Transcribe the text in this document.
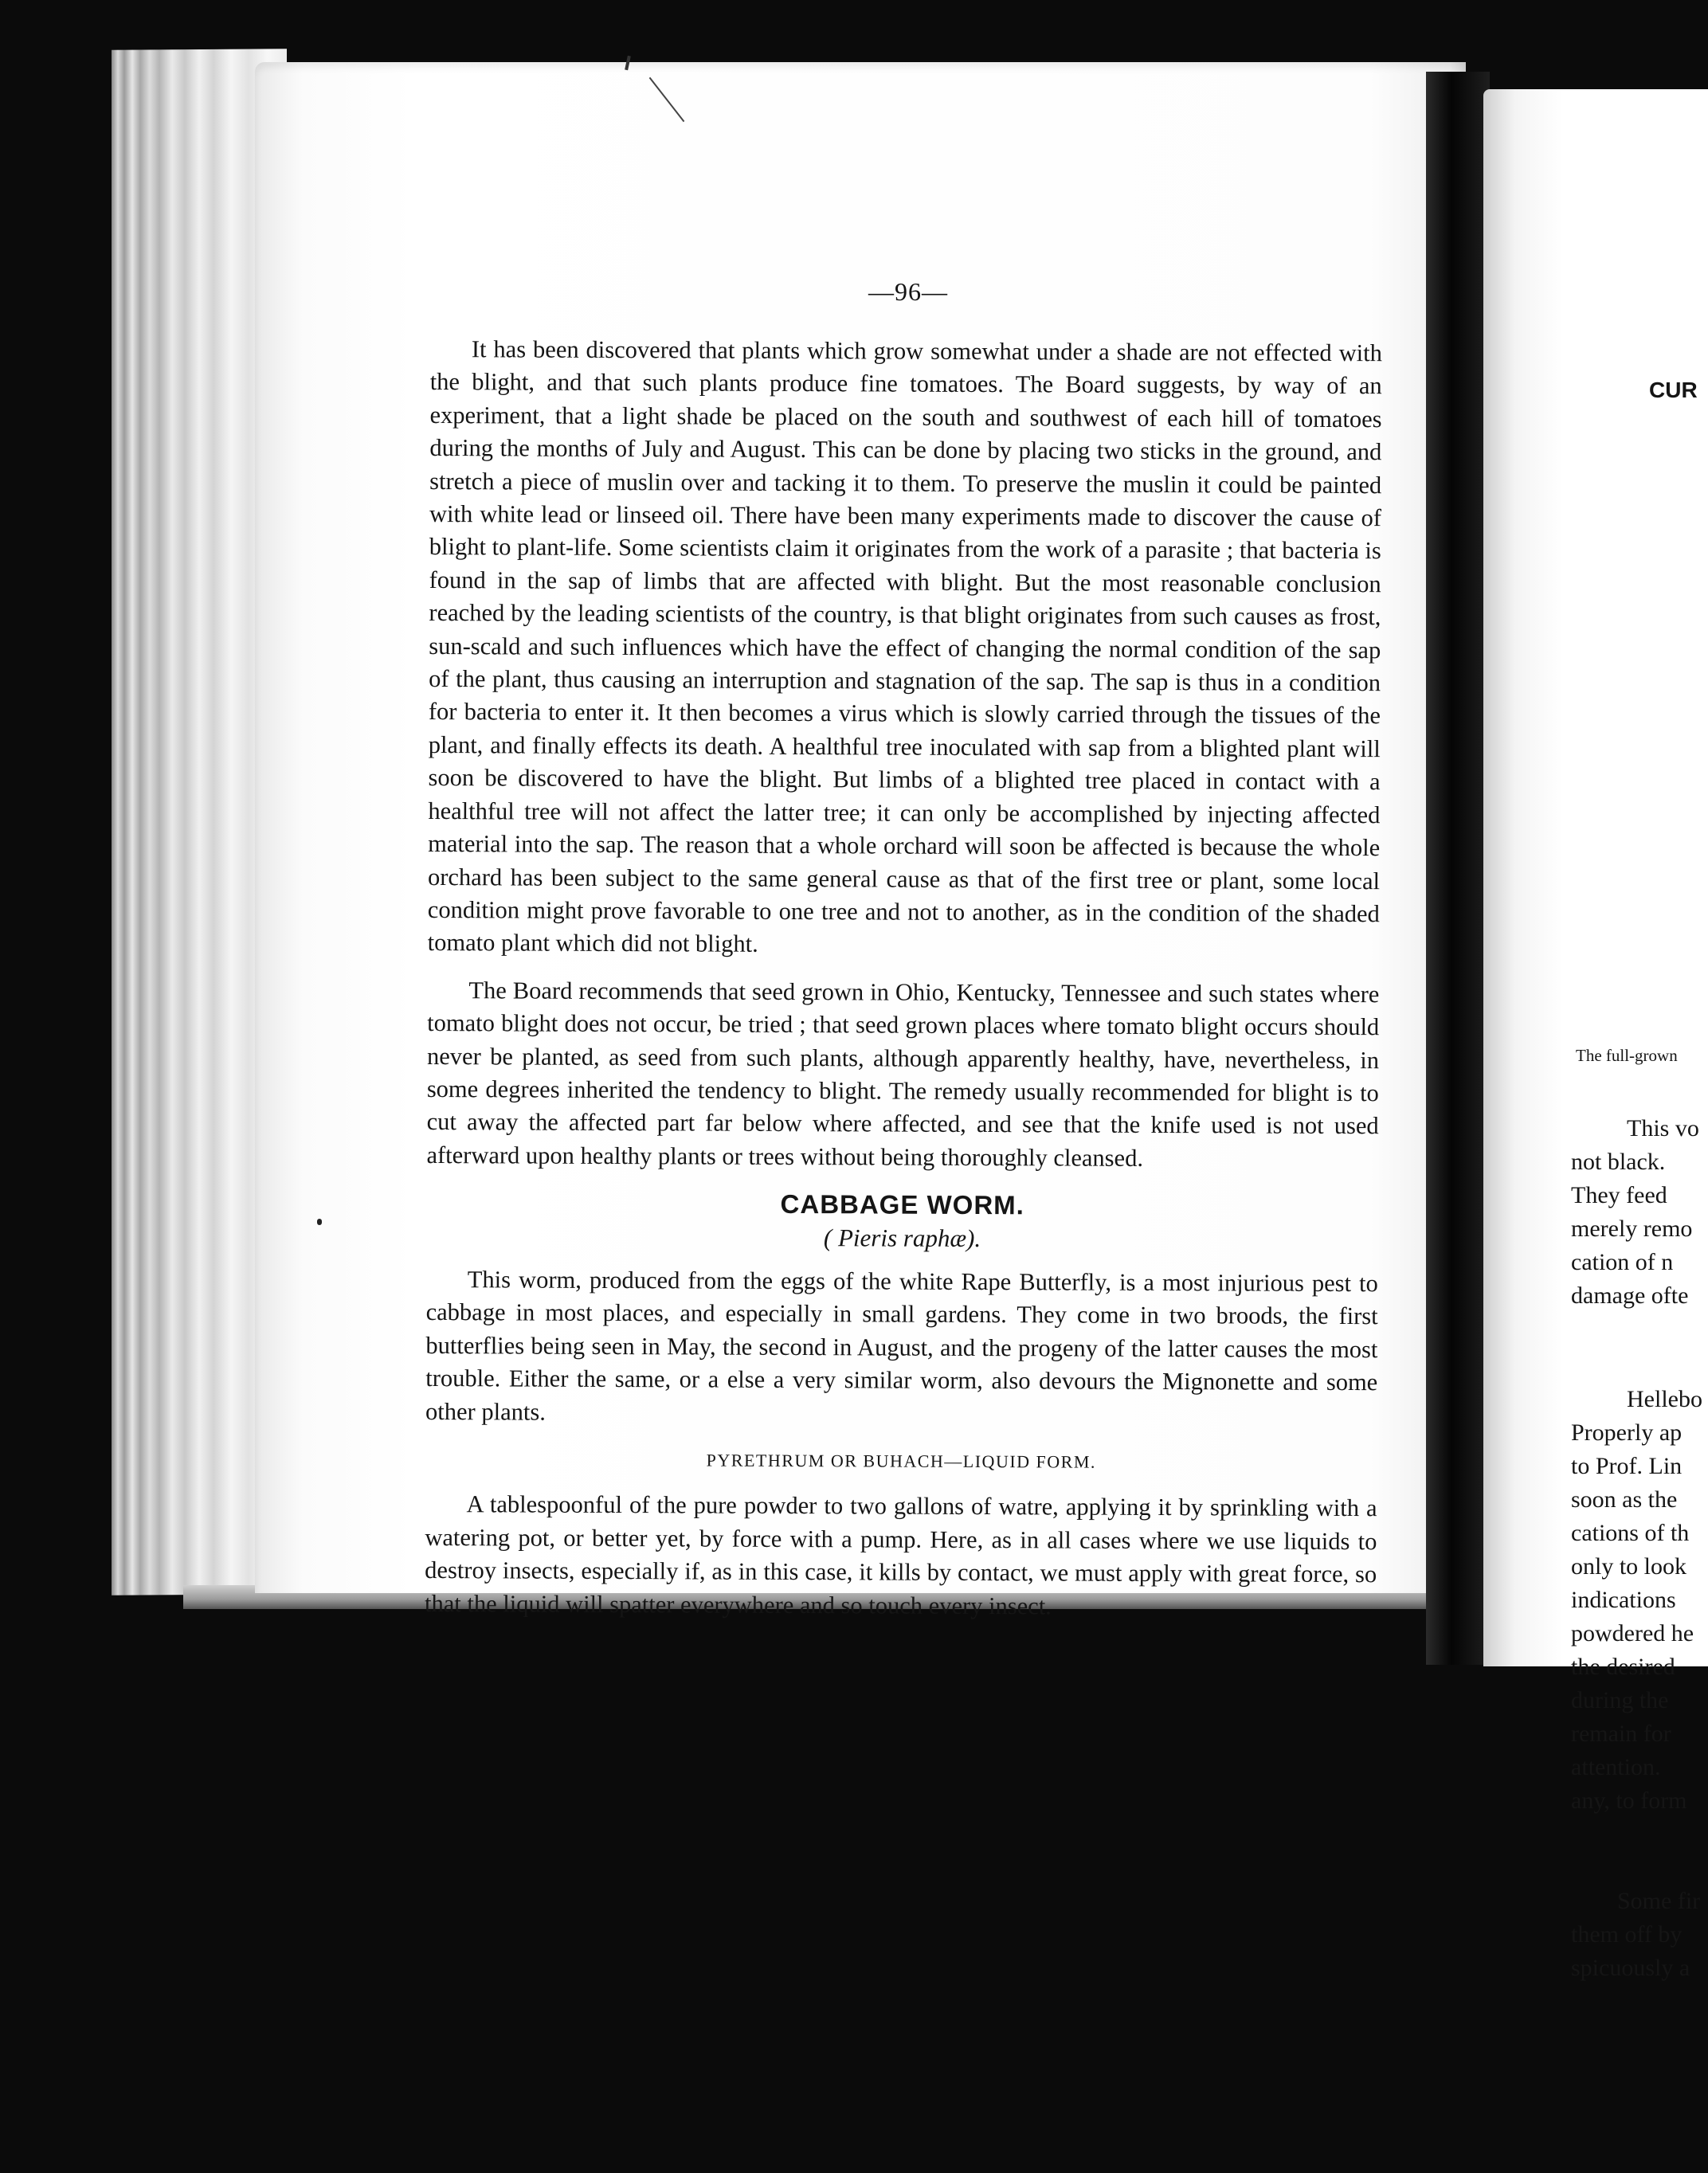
—96—

It has been discovered that plants which grow somewhat under a shade are not effected with the blight, and that such plants produce fine tomatoes. The Board suggests, by way of an experiment, that a light shade be placed on the south and southwest of each hill of tomatoes during the months of July and August. This can be done by placing two sticks in the ground, and stretch a piece of muslin over and tacking it to them. To preserve the muslin it could be painted with white lead or linseed oil. There have been many experiments made to discover the cause of blight to plant-life. Some scientists claim it originates from the work of a parasite ; that bacteria is found in the sap of limbs that are affected with blight. But the most reasonable conclusion reached by the leading scientists of the country, is that blight originates from such causes as frost, sun-scald and such influences which have the effect of changing the normal condition of the sap of the plant, thus causing an interruption and stagnation of the sap. The sap is thus in a condition for bacteria to enter it. It then becomes a virus which is slowly carried through the tissues of the plant, and finally effects its death. A healthful tree inoculated with sap from a blighted plant will soon be discovered to have the blight. But limbs of a blighted tree placed in contact with a healthful tree will not affect the latter tree; it can only be accomplished by injecting affected material into the sap. The reason that a whole orchard will soon be affected is because the whole orchard has been subject to the same general cause as that of the first tree or plant, some local condition might prove favorable to one tree and not to another, as in the condition of the shaded tomato plant which did not blight.

The Board recommends that seed grown in Ohio, Kentucky, Tennessee and such states where tomato blight does not occur, be tried ; that seed grown places where tomato blight occurs should never be planted, as seed from such plants, although apparently healthy, have, nevertheless, in some degrees inherited the tendency to blight. The remedy usually recommended for blight is to cut away the affected part far below where affected, and see that the knife used is not used afterward upon healthy plants or trees without being thoroughly cleansed.

CABBAGE WORM.
( Pieris raphæ).

This worm, produced from the eggs of the white Rape Butterfly, is a most injurious pest to cabbage in most places, and especially in small gardens. They come in two broods, the first butterflies being seen in May, the second in August, and the progeny of the latter causes the most trouble. Either the same, or a else a very similar worm, also devours the Mignonette and some other plants.

PYRETHRUM OR BUHACH—LIQUID FORM.

A tablespoonful of the pure powder to two gallons of watre, applying it by sprinkling with a watering pot, or better yet, by force with a pump. Here, as in all cases where we use liquids to destroy insects, especially if, as in this case, it kills by contact, we must apply with great force, so that the liquid will spatter everywhere and so touch every insect.

CUR
The full-grown
This vo
not black.
They feed
merely remo
cation of n
damage ofte
Hellebo
Properly ap
to Prof. Lin
soon as the
cations of th
only to look
indications
powdered he
the desired
during the
remain for
attention.
any, to form
Some fir
them off by
spicuously a
